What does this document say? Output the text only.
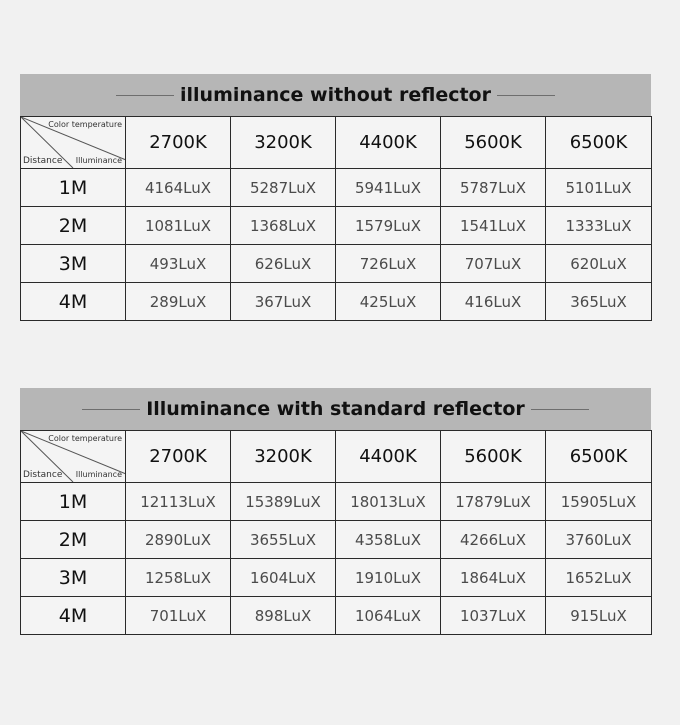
illuminance without reflector
Color temperature
Distance Illuminance	2700K	3200K	4400K	5600K	6500K
1M	4164LuX	5287LuX	5941LuX	5787LuX	5101LuX
2M	1081LuX	1368LuX	1579LuX	1541LuX	1333LuX
3M	493LuX	626LuX	726LuX	707LuX	620LuX
4M	289LuX	367LuX	425LuX	416LuX	365LuX
Illuminance with standard reflector
Color temperature
Distance Illuminance	2700K	3200K	4400K	5600K	6500K
1M	12113LuX	15389LuX	18013LuX	17879LuX	15905LuX
2M	2890LuX	3655LuX	4358LuX	4266LuX	3760LuX
3M	1258LuX	1604LuX	1910LuX	1864LuX	1652LuX
4M	701LuX	898LuX	1064LuX	1037LuX	915LuX
